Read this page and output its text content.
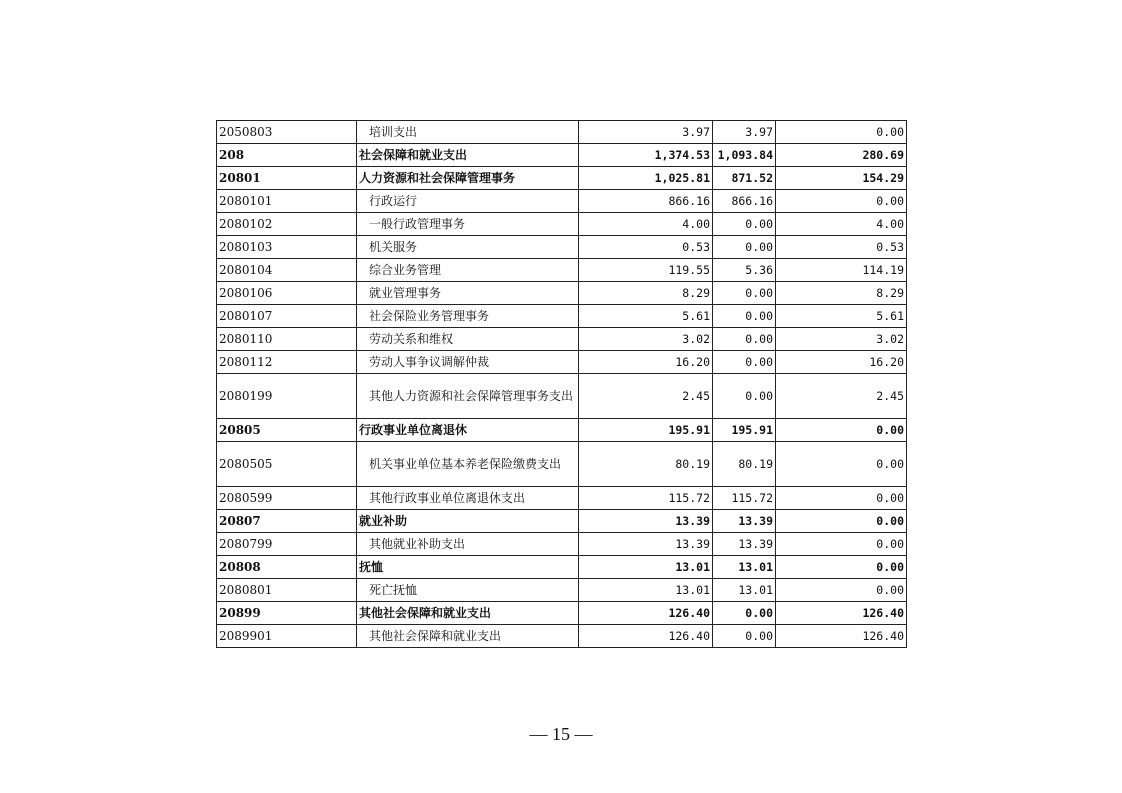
2050803	培训支出	3.97	3.97	0.00
208	社会保障和就业支出	1,374.53	1,093.84	280.69
20801	人力资源和社会保障管理事务	1,025.81	871.52	154.29
2080101	行政运行	866.16	866.16	0.00
2080102	一般行政管理事务	4.00	0.00	4.00
2080103	机关服务	0.53	0.00	0.53
2080104	综合业务管理	119.55	5.36	114.19
2080106	就业管理事务	8.29	0.00	8.29
2080107	社会保险业务管理事务	5.61	0.00	5.61
2080110	劳动关系和维权	3.02	0.00	3.02
2080112	劳动人事争议调解仲裁	16.20	0.00	16.20
2080199	其他人力资源和社会保障管理事务支出	2.45	0.00	2.45
20805	行政事业单位离退休	195.91	195.91	0.00
2080505	机关事业单位基本养老保险缴费支出	80.19	80.19	0.00
2080599	其他行政事业单位离退休支出	115.72	115.72	0.00
20807	就业补助	13.39	13.39	0.00
2080799	其他就业补助支出	13.39	13.39	0.00
20808	抚恤	13.01	13.01	0.00
2080801	死亡抚恤	13.01	13.01	0.00
20899	其他社会保障和就业支出	126.40	0.00	126.40
2089901	其他社会保障和就业支出	126.40	0.00	126.40
— 15 —
